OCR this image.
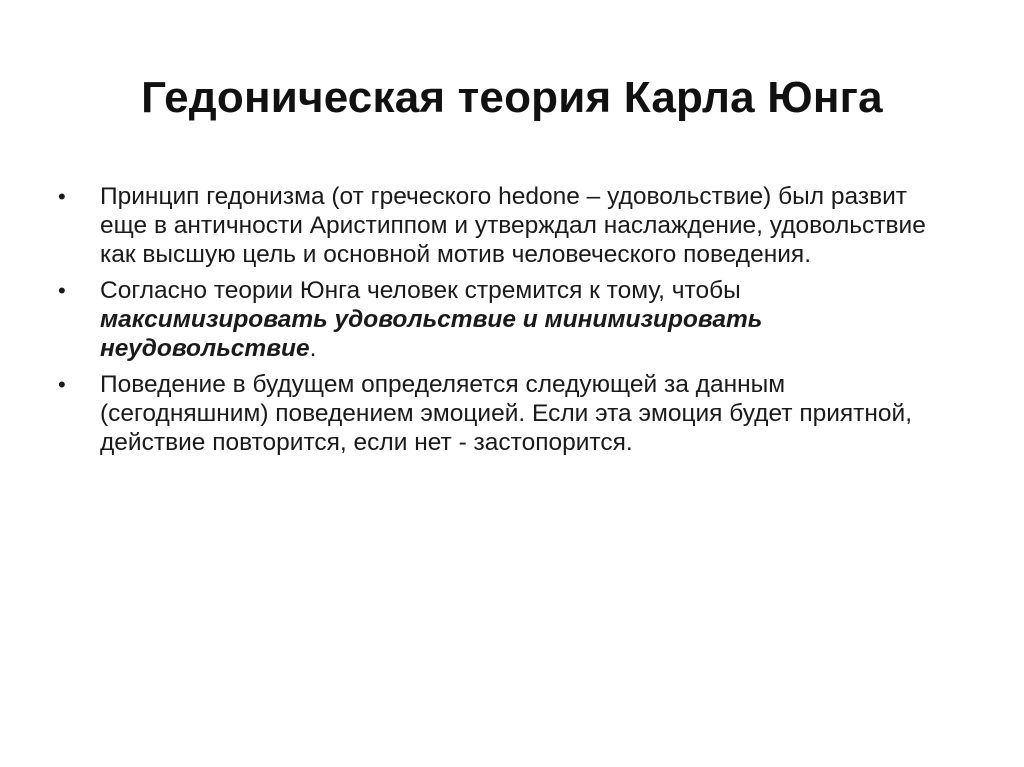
Гедоническая теория Карла Юнга
•	Принцип гедонизма (от греческого hedone – удовольствие) был развит еще в античности Аристиппом и утверждал наслаждение, удовольствие как высшую цель и основной мотив человеческого поведения.
•	Согласно теории Юнга человек стремится к тому, чтобы максимизировать удовольствие и минимизировать неудовольствие.
•	Поведение в будущем определяется следующей за данным (сегодняшним) поведением эмоцией. Если эта эмоция будет приятной, действие повторится, если нет - застопорится.
